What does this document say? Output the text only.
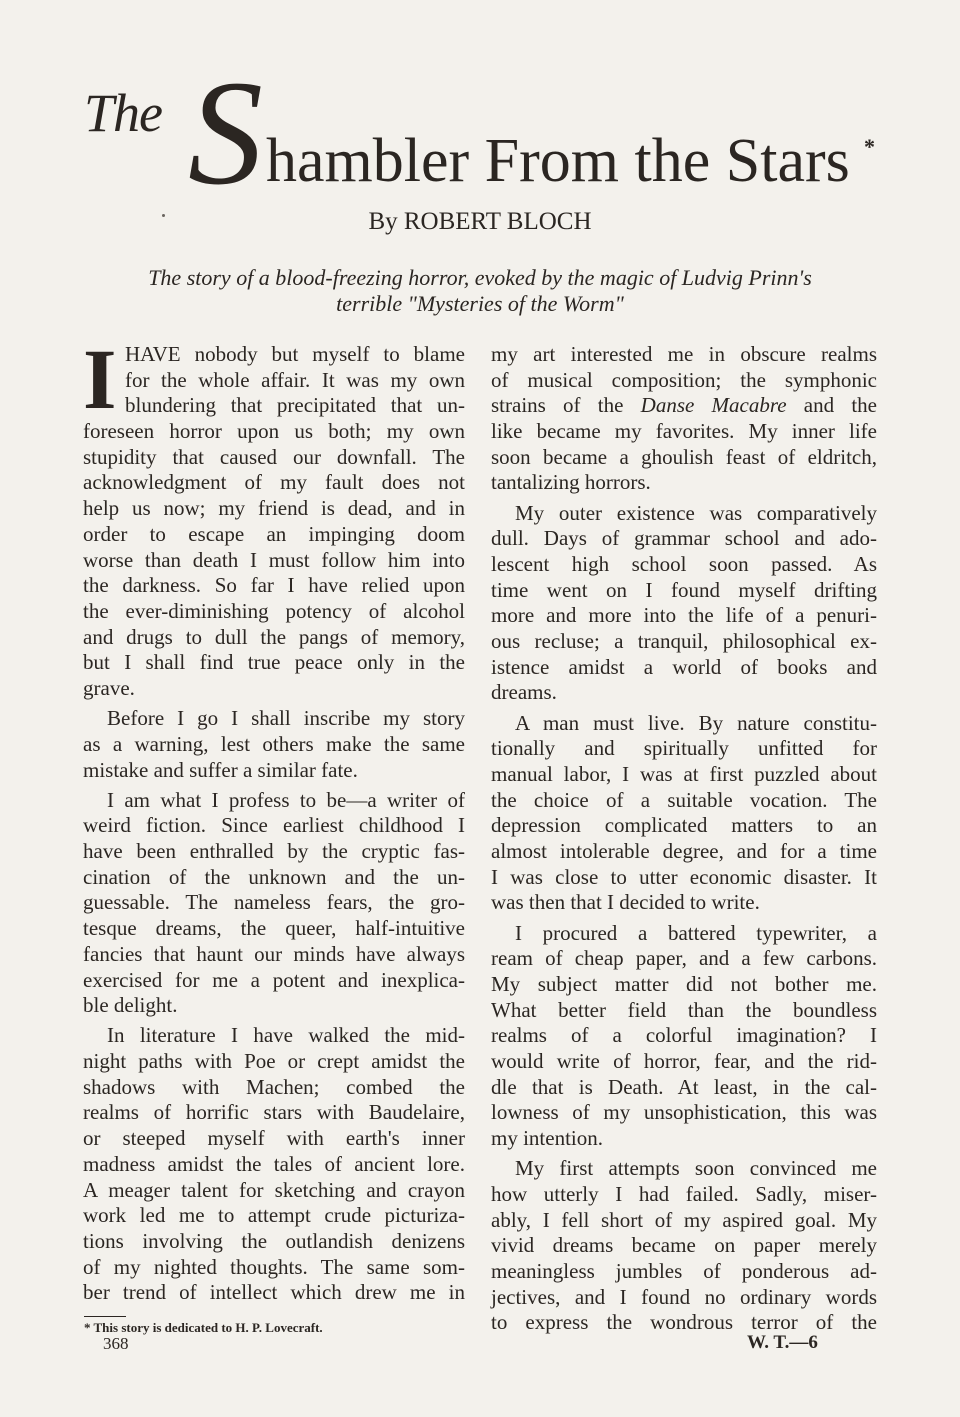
The S hambler From the Stars *
By ROBERT BLOCH
The story of a blood-freezing horror, evoked by the magic of Ludvig Prinn's
terrible "Mysteries of the Worm"
I HAVE nobody but myself to blame
for the whole affair. It was my own
blundering that precipitated that un-
foreseen horror upon us both; my own
stupidity that caused our downfall. The
acknowledgment of my fault does not
help us now; my friend is dead, and in
order to escape an impinging doom
worse than death I must follow him into
the darkness. So far I have relied upon
the ever-diminishing potency of alcohol
and drugs to dull the pangs of memory,
but I shall find true peace only in the
grave.
Before I go I shall inscribe my story
as a warning, lest others make the same
mistake and suffer a similar fate.
I am what I profess to be—a writer of
weird fiction. Since earliest childhood I
have been enthralled by the cryptic fas-
cination of the unknown and the un-
guessable. The nameless fears, the gro-
tesque dreams, the queer, half-intuitive
fancies that haunt our minds have always
exercised for me a potent and inexplica-
ble delight.
In literature I have walked the mid-
night paths with Poe or crept amidst the
shadows with Machen; combed the
realms of horrific stars with Baudelaire,
or steeped myself with earth's inner
madness amidst the tales of ancient lore.
A meager talent for sketching and crayon
work led me to attempt crude picturiza-
tions involving the outlandish denizens
of my nighted thoughts. The same som-
ber trend of intellect which drew me in
my art interested me in obscure realms
of musical composition; the symphonic
strains of the Danse Macabre and the
like became my favorites. My inner life
soon became a ghoulish feast of eldritch,
tantalizing horrors.
My outer existence was comparatively
dull. Days of grammar school and ado-
lescent high school soon passed. As
time went on I found myself drifting
more and more into the life of a penuri-
ous recluse; a tranquil, philosophical ex-
istence amidst a world of books and
dreams.
A man must live. By nature constitu-
tionally and spiritually unfitted for
manual labor, I was at first puzzled about
the choice of a suitable vocation. The
depression complicated matters to an
almost intolerable degree, and for a time
I was close to utter economic disaster. It
was then that I decided to write.
I procured a battered typewriter, a
ream of cheap paper, and a few carbons.
My subject matter did not bother me.
What better field than the boundless
realms of a colorful imagination? I
would write of horror, fear, and the rid-
dle that is Death. At least, in the cal-
lowness of my unsophistication, this was
my intention.
My first attempts soon convinced me
how utterly I had failed. Sadly, miser-
ably, I fell short of my aspired goal. My
vivid dreams became on paper merely
meaningless jumbles of ponderous ad-
jectives, and I found no ordinary words
to express the wondrous terror of the
* This story is dedicated to H. P. Lovecraft.
368	W. T.—6
